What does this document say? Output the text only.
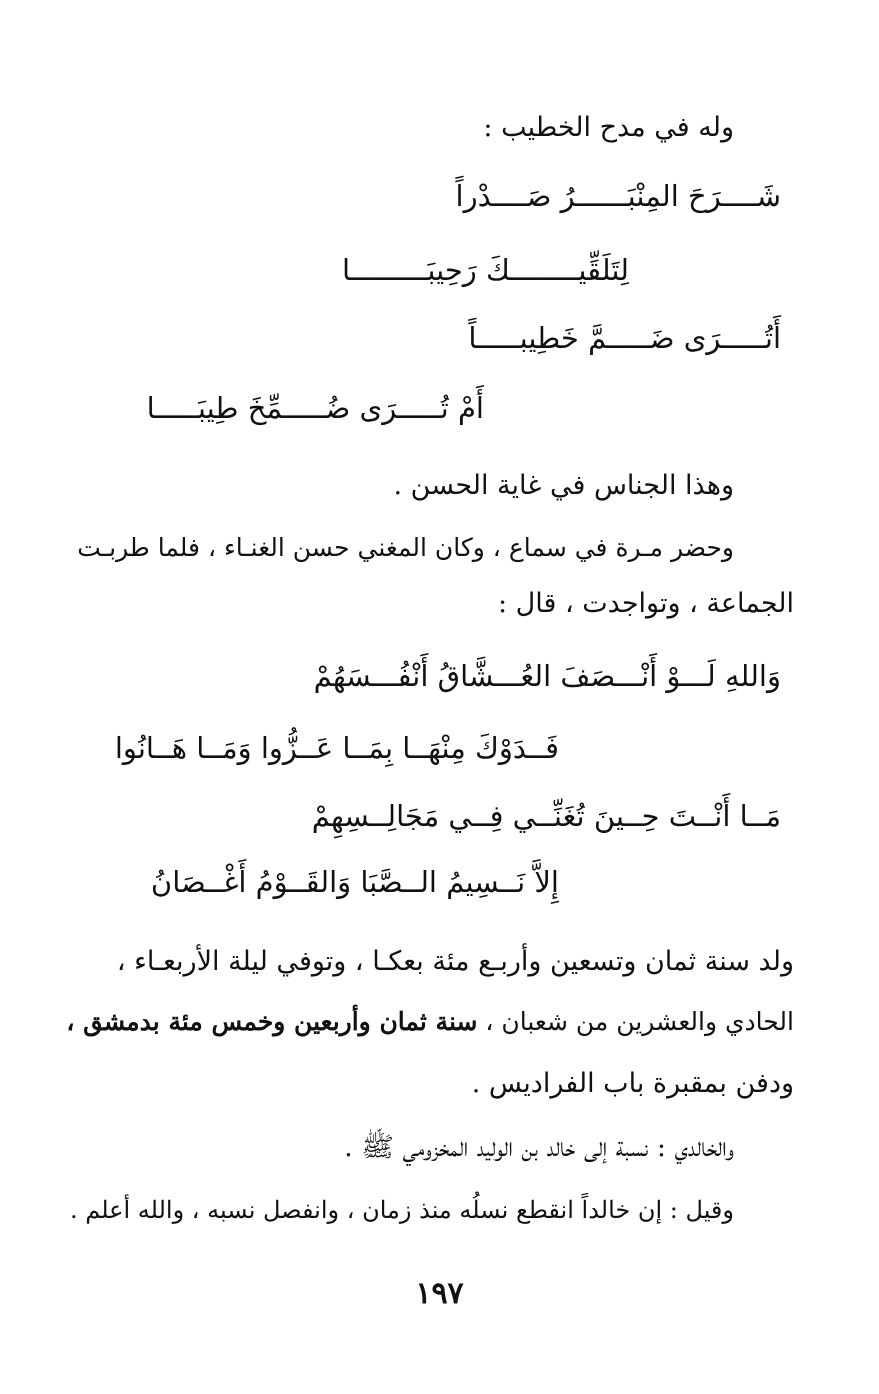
وله في مدح الخطيب :
شَــــرَحَ المِنْبَــــــرُ صَــــدْراً
لِتَلَقِّيــــــــكَ رَحِيبَـــــــــا
أَتُـــــرَى ضَـــــمَّ خَطِيبـــــاً
أَمْ تُـــــرَى ضُـــــمِّخَ طِيبَـــــا
وهذا الجناس في غاية الحسن .
وحضر مـرة في سماع ، وكان المغني حسن الغنـاء ، فلما طربـت
الجماعة ، وتواجدت ، قال :
وَاللهِ لَـــوْ أَنْـــصَفَ العُـــشَّاقُ أَنْفُـــسَهُمْ
فَــدَوْكَ مِنْهَــا بِمَــا عَــزُّوا وَمَــا هَــانُوا
مَــا أَنْــتَ حِــينَ تُغَنِّــي فِــي مَجَالِــسِهِمْ
إِلاَّ نَــسِيمُ الــصَّبَا وَالقَــوْمُ أَغْــصَانُ
ولد سنة ثمان وتسعين وأربـع مئة بعكـا ، وتوفي ليلة الأربعـاء ،
الحادي والعشرين من شعبان ، سنة ثمان وأربعين وخمس مئة بدمشق ،
ودفن بمقبرة باب الفراديس .
والخالدي : نسبة إلى خالد بن الوليد المخزومي ﷺ .
وقيل : إن خالداً انقطع نسلُه منذ زمان ، وانفصل نسبه ، والله أعلم .
١٩٧
